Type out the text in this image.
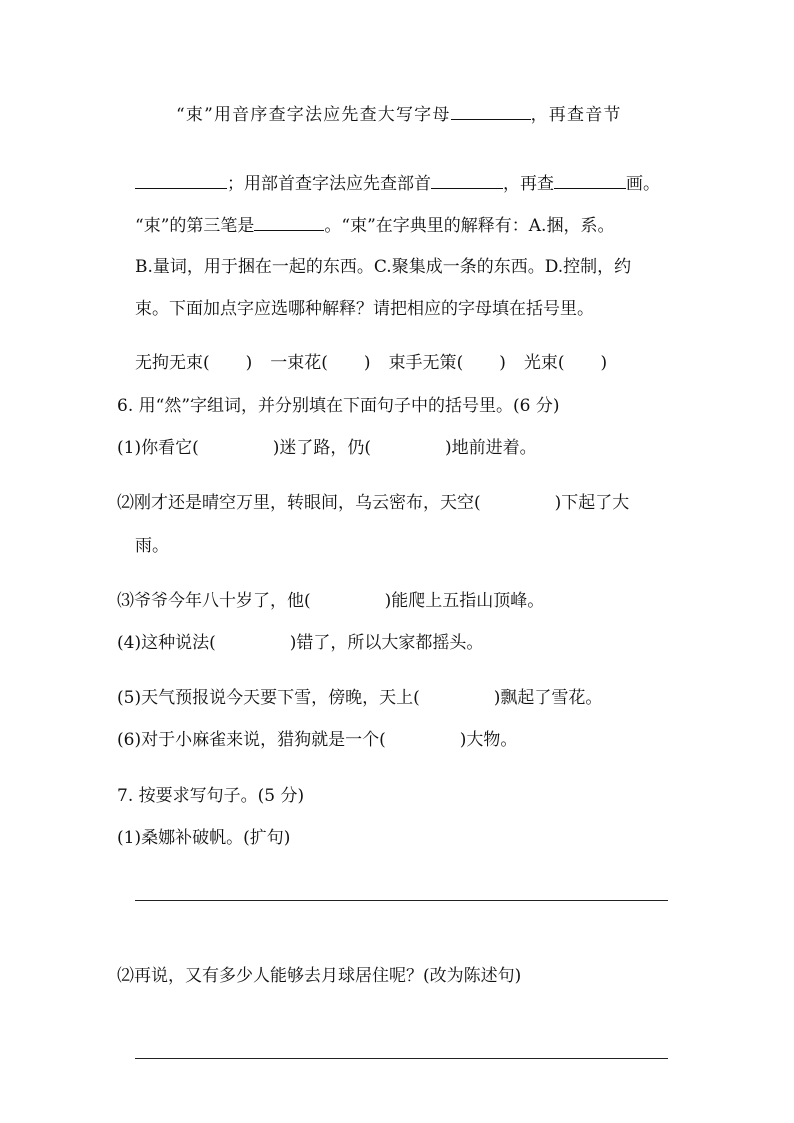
“束”用音序查字法应先查大写字母	，再查音节
；用部首查字法应先查部首	，再查	画。
“束”的第三笔是	。“束”在字典里的解释有：A.捆，系。
B.量词，用于捆在一起的东西。C.聚集成一条的东西。D.控制，约
束。下面加点字应选哪种解释？请把相应的字母填在括号里。
无拘无束( ) 一束花( ) 束手无策( ) 光束( )
6. 用“然”字组词，并分别填在下面句子中的括号里。(6 分)
(1)你看它(	)迷了路，仍(	)地前进着。
⑵刚才还是晴空万里，转眼间，乌云密布，天空(	)下起了大
雨。
⑶爷爷今年八十岁了，他(	)能爬上五指山顶峰。
(4)这种说法(	)错了，所以大家都摇头。
(5)天气预报说今天要下雪，傍晚，天上(	)飘起了雪花。
(6)对于小麻雀来说，猎狗就是一个(	)大物。
7. 按要求写句子。(5 分)
(1)桑娜补破帆。(扩句)
⑵再说，又有多少人能够去月球居住呢？(改为陈述句)
